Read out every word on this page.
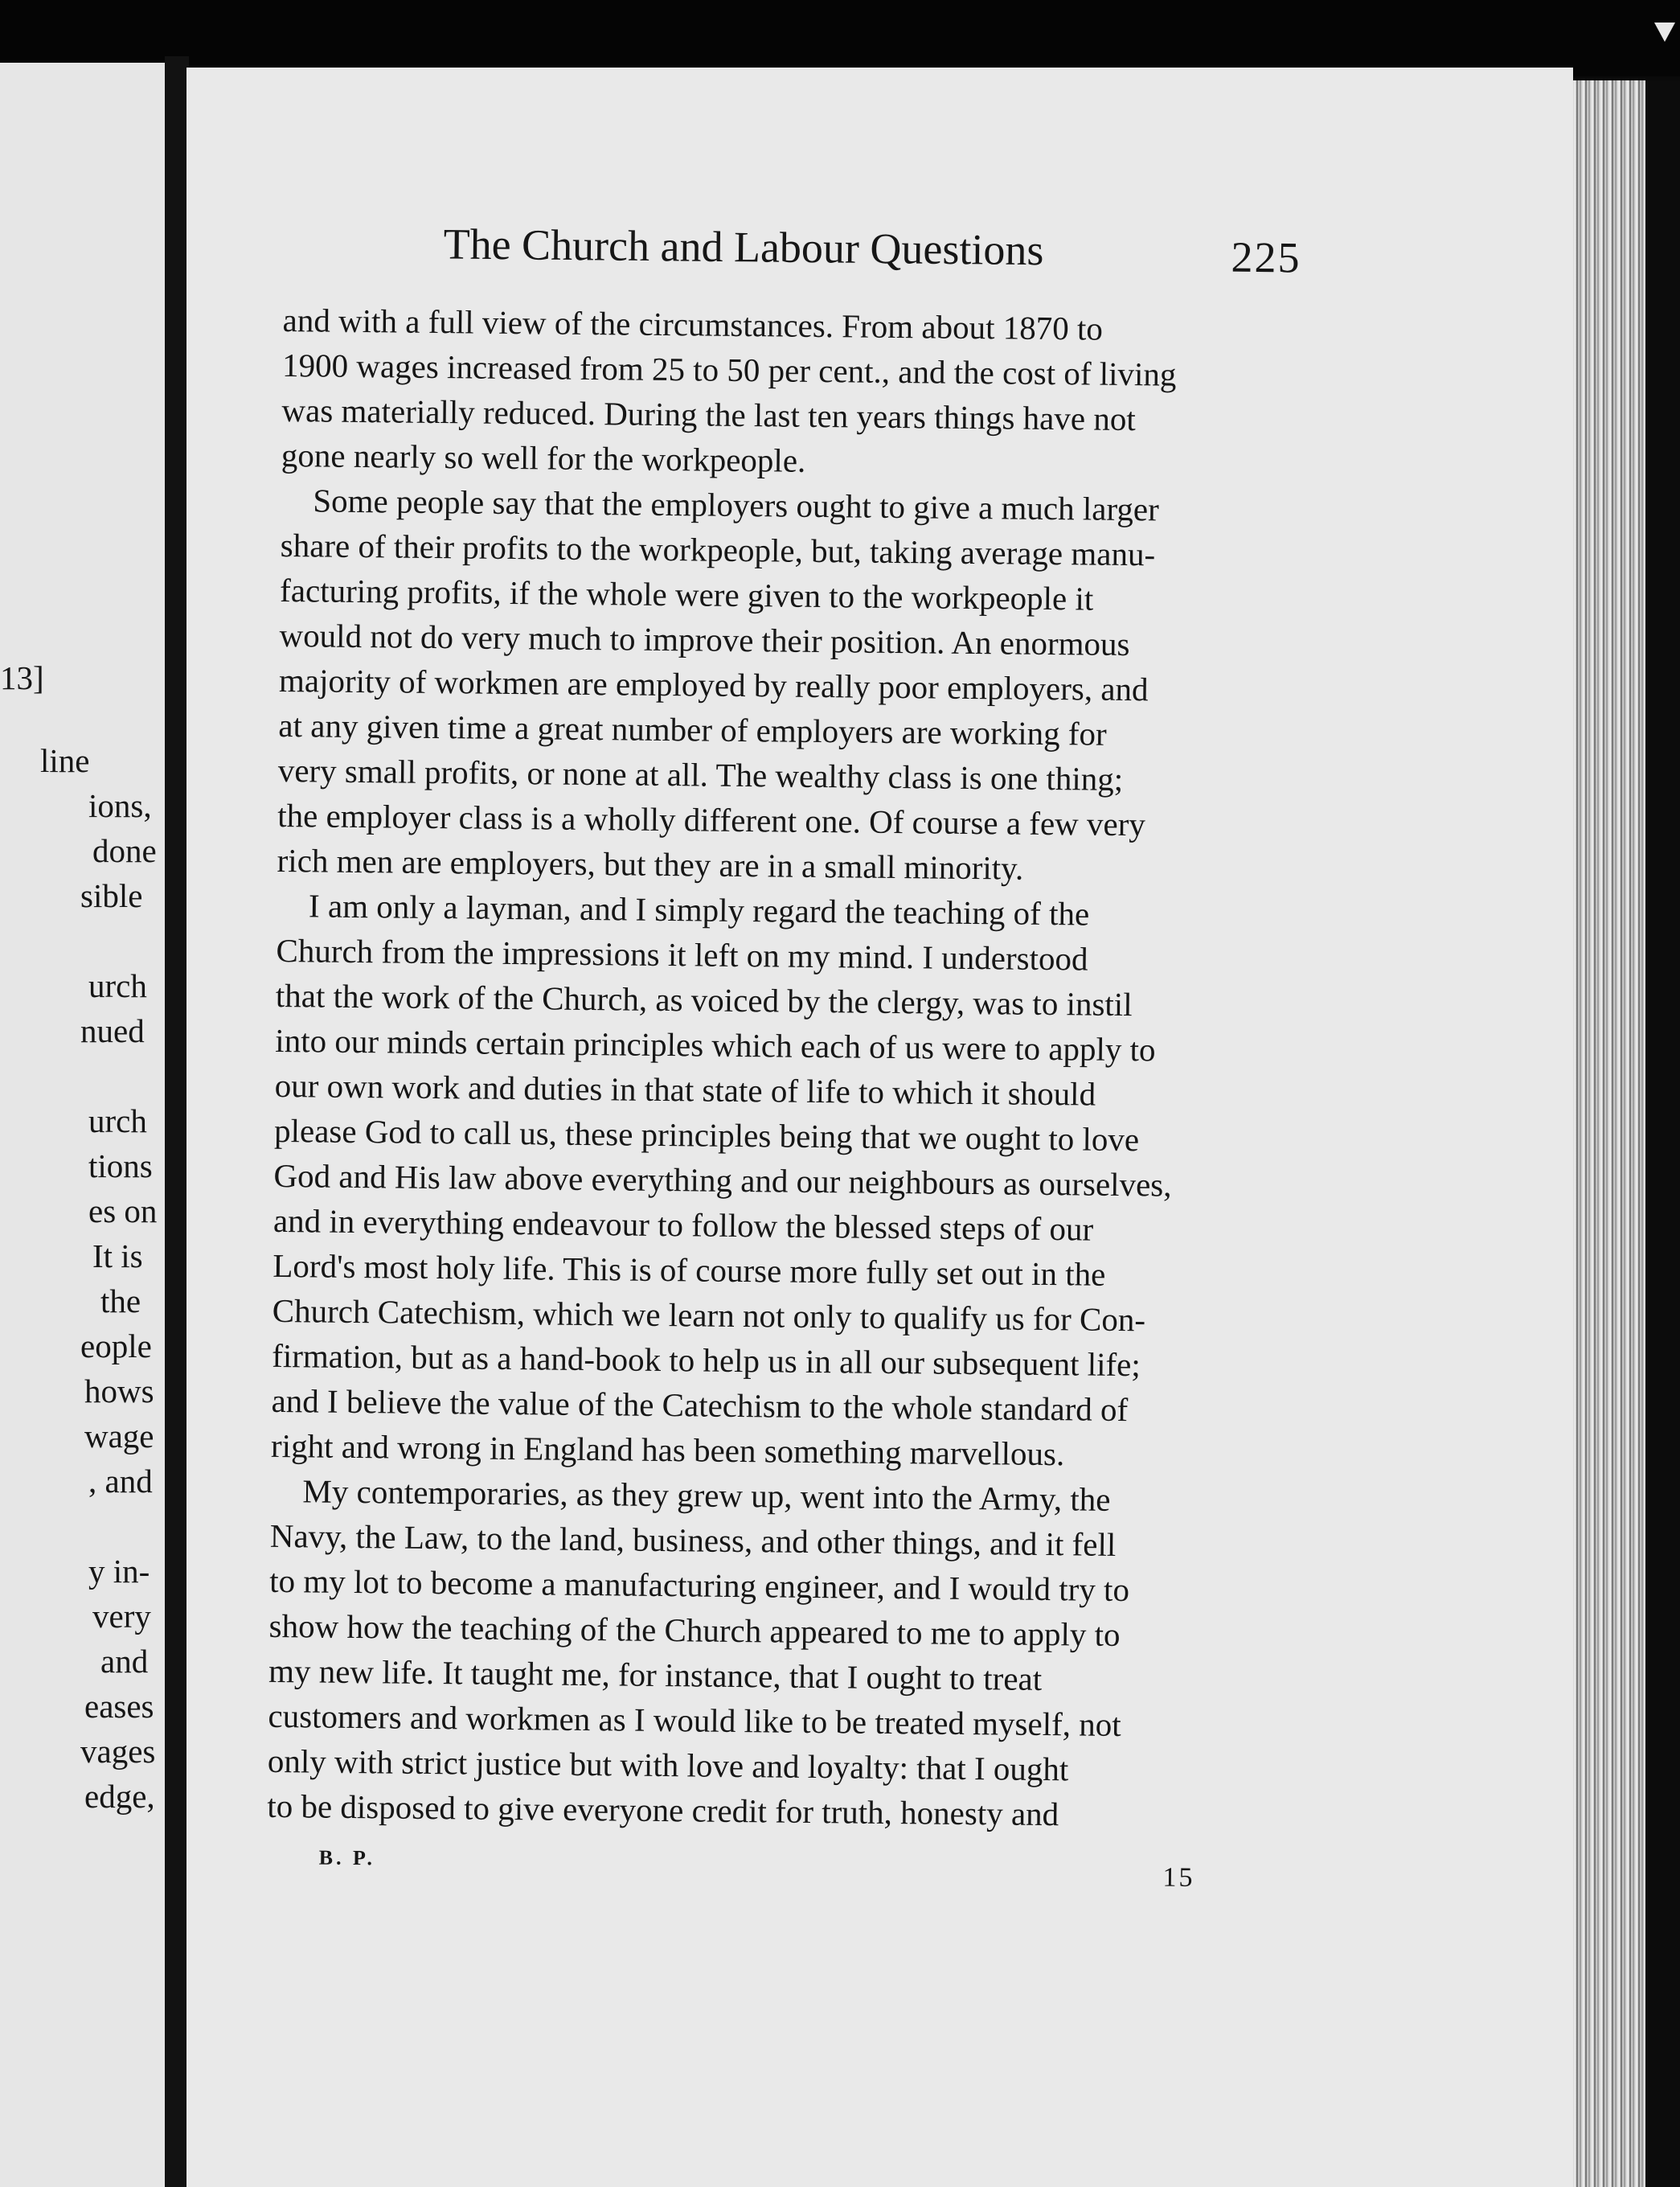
13]
line
ions,
done
sible
urch
nued
urch
tions
es on
It is
the
eople
hows
wage
, and
y in-
very
and
eases
vages
edge,
The Church and Labour Questions	225
and with a full view of the circumstances. From about 1870 to
1900 wages increased from 25 to 50 per cent., and the cost of living
was materially reduced. During the last ten years things have not
gone nearly so well for the workpeople.
Some people say that the employers ought to give a much larger
share of their profits to the workpeople, but, taking average manu-
facturing profits, if the whole were given to the workpeople it
would not do very much to improve their position. An enormous
majority of workmen are employed by really poor employers, and
at any given time a great number of employers are working for
very small profits, or none at all. The wealthy class is one thing;
the employer class is a wholly different one. Of course a few very
rich men are employers, but they are in a small minority.
I am only a layman, and I simply regard the teaching of the
Church from the impressions it left on my mind. I understood
that the work of the Church, as voiced by the clergy, was to instil
into our minds certain principles which each of us were to apply to
our own work and duties in that state of life to which it should
please God to call us, these principles being that we ought to love
God and His law above everything and our neighbours as ourselves,
and in everything endeavour to follow the blessed steps of our
Lord's most holy life. This is of course more fully set out in the
Church Catechism, which we learn not only to qualify us for Con-
firmation, but as a hand-book to help us in all our subsequent life;
and I believe the value of the Catechism to the whole standard of
right and wrong in England has been something marvellous.
My contemporaries, as they grew up, went into the Army, the
Navy, the Law, to the land, business, and other things, and it fell
to my lot to become a manufacturing engineer, and I would try to
show how the teaching of the Church appeared to me to apply to
my new life. It taught me, for instance, that I ought to treat
customers and workmen as I would like to be treated myself, not
only with strict justice but with love and loyalty: that I ought
to be disposed to give everyone credit for truth, honesty and
B. P.
15
